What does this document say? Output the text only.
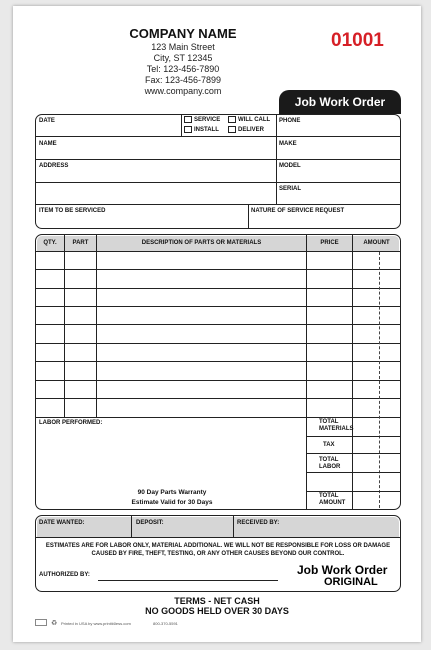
COMPANY NAME
123 Main Street
City, ST 12345
Tel: 123-456-7890
Fax: 123-456-7899
www.company.com
01001
Job Work Order
DATE	SERVICE	WILL CALL
INSTALL	DELIVER
PHONE
NAME	MAKE
ADDRESS	MODEL
SERIAL
ITEM TO BE SERVICED	NATURE OF SERVICE REQUEST
QTY.	PART	DESCRIPTION OF PARTS OR MATERIALS	PRICE	AMOUNT
LABOR PERFORMED:
90 Day Parts Warranty
Estimate Valid for 30 Days
TOTAL MATERIALS
TAX
TOTAL LABOR
TOTAL AMOUNT
DATE WANTED:	DEPOSIT:	RECEIVED BY:
ESTIMATES ARE FOR LABOR ONLY, MATERIAL ADDITIONAL. WE WILL NOT BE RESPONSIBLE FOR LOSS OR DAMAGE
CAUSED BY FIRE, THEFT, TESTING, OR ANY OTHER CAUSES BEYOND OUR CONTROL.
AUTHORIZED BY:	Job Work Order
ORIGINAL
TERMS - NET CASH
NO GOODS HELD OVER 30 DAYS
♻ Printed in USA by www.printit4less.com	800-370-5591
